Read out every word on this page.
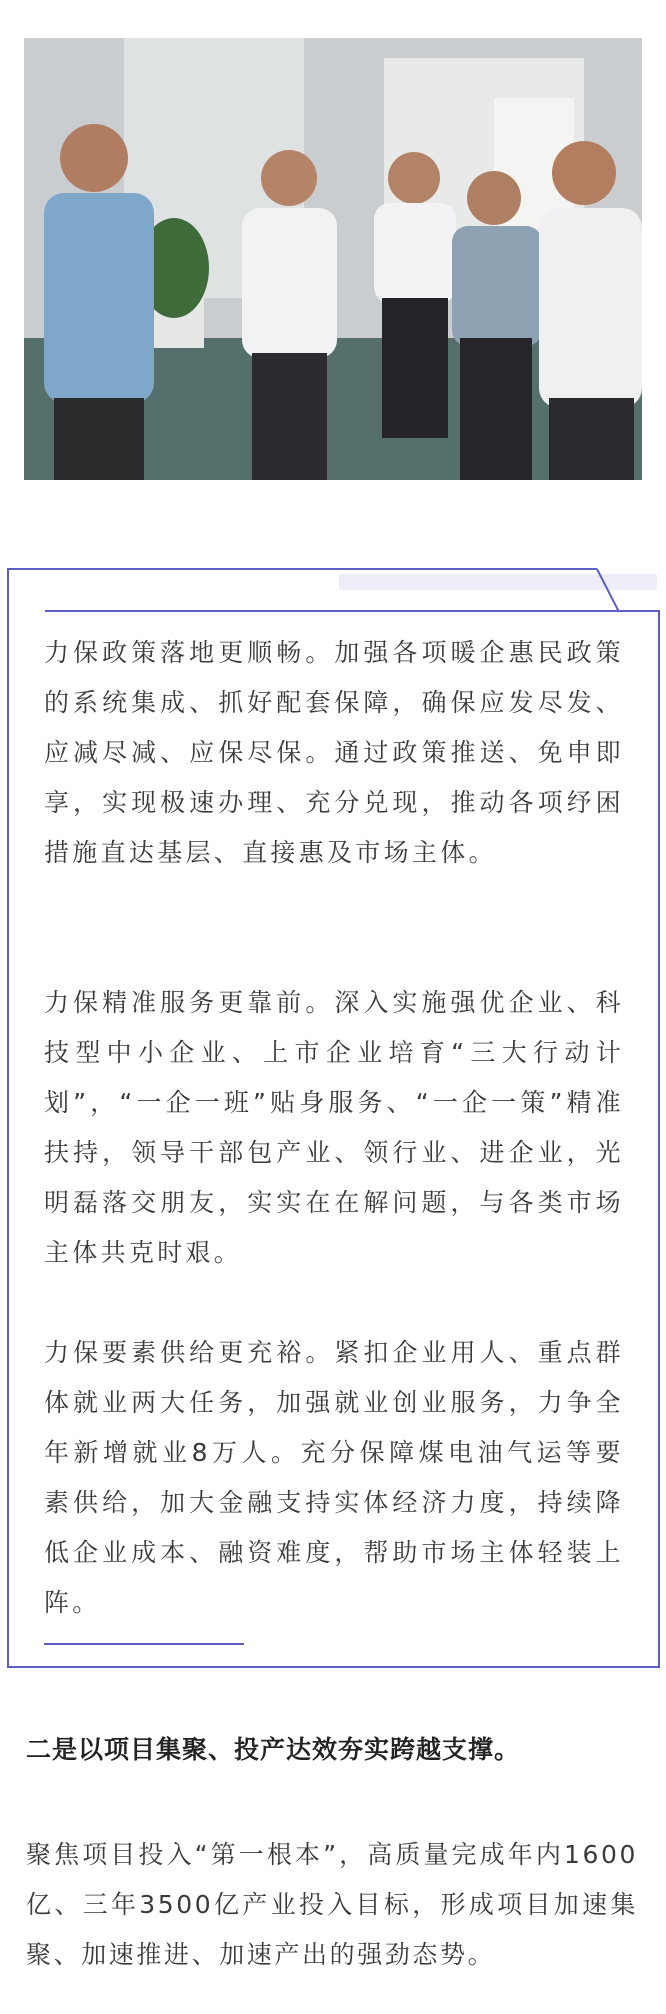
力保政策落地更顺畅。加强各项暖企惠民政策的系统集成、抓好配套保障，确保应发尽发、应减尽减、应保尽保。通过政策推送、免申即享，实现极速办理、充分兑现，推动各项纾困措施直达基层、直接惠及市场主体。

力保精准服务更靠前。深入实施强优企业、科技型中小企业、上市企业培育“三大行动计划”，“一企一班”贴身服务、“一企一策”精准扶持，领导干部包产业、领行业、进企业，光明磊落交朋友，实实在在解问题，与各类市场主体共克时艰。

力保要素供给更充裕。紧扣企业用人、重点群体就业两大任务，加强就业创业服务，力争全年新增就业8万人。充分保障煤电油气运等要素供给，加大金融支持实体经济力度，持续降低企业成本、融资难度，帮助市场主体轻装上阵。

二是以项目集聚、投产达效夯实跨越支撑。

聚焦项目投入“第一根本”，高质量完成年内1600亿、三年3500亿产业投入目标，形成项目加速集聚、加速推进、加速产出的强劲态势。
